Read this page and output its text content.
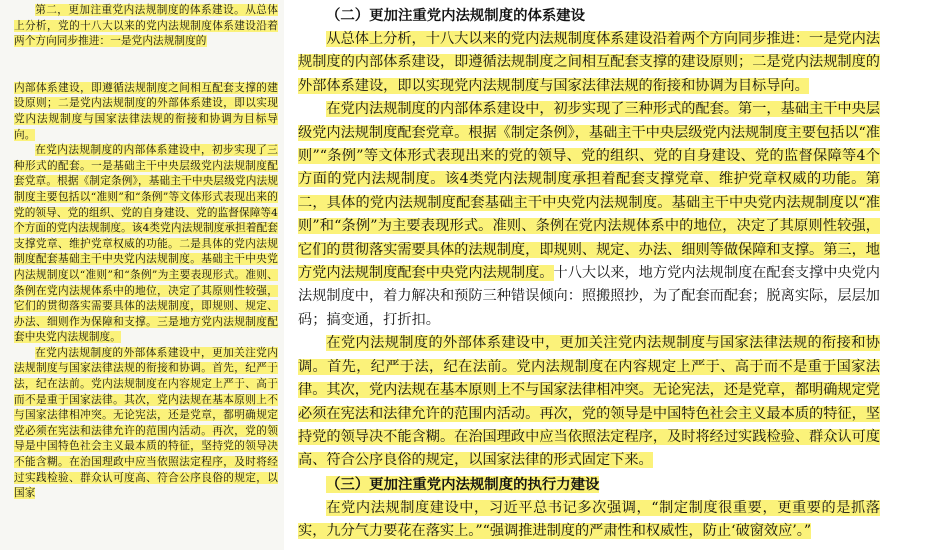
第二，更加注重党内法规制度的体系建设。从总体上分析，党的十八大以来的党内法规制度体系建设沿着两个方向同步推进：一是党内法规制度的

内部体系建设，即遵循法规制度之间相互配套支撑的建设原则；二是党内法规制度的外部体系建设，即以实现党内法规制度与国家法律法规的衔接和协调为目标导向。

在党内法规制度的内部体系建设中，初步实现了三种形式的配套。一是基础主干中央层级党内法规制度配套党章。根据《制定条例》，基础主干中央层级党内法规制度主要包括以“准则”和“条例”等文体形式表现出来的党的领导、党的组织、党的自身建设、党的监督保障等4个方面的党内法规制度。该4类党内法规制度承担着配套支撑党章、维护党章权威的功能。二是具体的党内法规制度配套基础主干中央党内法规制度。基础主干中央党内法规制度以“准则”和“条例”为主要表现形式。准则、条例在党内法规体系中的地位，决定了其原则性较强，它们的贯彻落实需要具体的法规制度，即规则、规定、办法、细则作为保障和支撑。三是地方党内法规制度配套中央党内法规制度。

在党内法规制度的外部体系建设中，更加关注党内法规制度与国家法律法规的衔接和协调。首先，纪严于法，纪在法前。党内法规制度在内容规定上严于、高于而不是重于国家法律。其次，党内法规在基本原则上不与国家法律相冲突。无论宪法，还是党章，都明确规定党必须在宪法和法律允许的范围内活动。再次，党的领导是中国特色社会主义最本质的特征，坚持党的领导决不能含糊。在治国理政中应当依照法定程序，及时将经过实践检验、群众认可度高、符合公序良俗的规定，以国家

（二）更加注重党内法规制度的体系建设

从总体上分析，十八大以来的党内法规制度体系建设沿着两个方向同步推进：一是党内法规制度的内部体系建设，即遵循法规制度之间相互配套支撑的建设原则；二是党内法规制度的外部体系建设，即以实现党内法规制度与国家法律法规的衔接和协调为目标导向。

在党内法规制度的内部体系建设中，初步实现了三种形式的配套。第一，基础主干中央层级党内法规制度配套党章。根据《制定条例》，基础主干中央层级党内法规制度主要包括以“准则”“条例”等文体形式表现出来的党的领导、党的组织、党的自身建设、党的监督保障等4个方面的党内法规制度。该4类党内法规制度承担着配套支撑党章、维护党章权威的功能。第二，具体的党内法规制度配套基础主干中央党内法规制度。基础主干中央党内法规制度以“准则”和“条例”为主要表现形式。准则、条例在党内法规体系中的地位，决定了其原则性较强，它们的贯彻落实需要具体的法规制度，即规则、规定、办法、细则等做保障和支撑。第三，地方党内法规制度配套中央党内法规制度。十八大以来，地方党内法规制度在配套支撑中央党内法规制度中，着力解决和预防三种错误倾向：照搬照抄，为了配套而配套；脱离实际，层层加码；搞变通，打折扣。

在党内法规制度的外部体系建设中，更加关注党内法规制度与国家法律法规的衔接和协调。首先，纪严于法，纪在法前。党内法规制度在内容规定上严于、高于而不是重于国家法律。其次，党内法规在基本原则上不与国家法律相冲突。无论宪法，还是党章，都明确规定党必须在宪法和法律允许的范围内活动。再次，党的领导是中国特色社会主义最本质的特征，坚持党的领导决不能含糊。在治国理政中应当依照法定程序，及时将经过实践检验、群众认可度高、符合公序良俗的规定，以国家法律的形式固定下来。

（三）更加注重党内法规制度的执行力建设

在党内法规制度建设中，习近平总书记多次强调，“制定制度很重要，更重要的是抓落实，九分气力要花在落实上。”“强调推进制度的严肃性和权威性，防止‘破窗效应’。”
